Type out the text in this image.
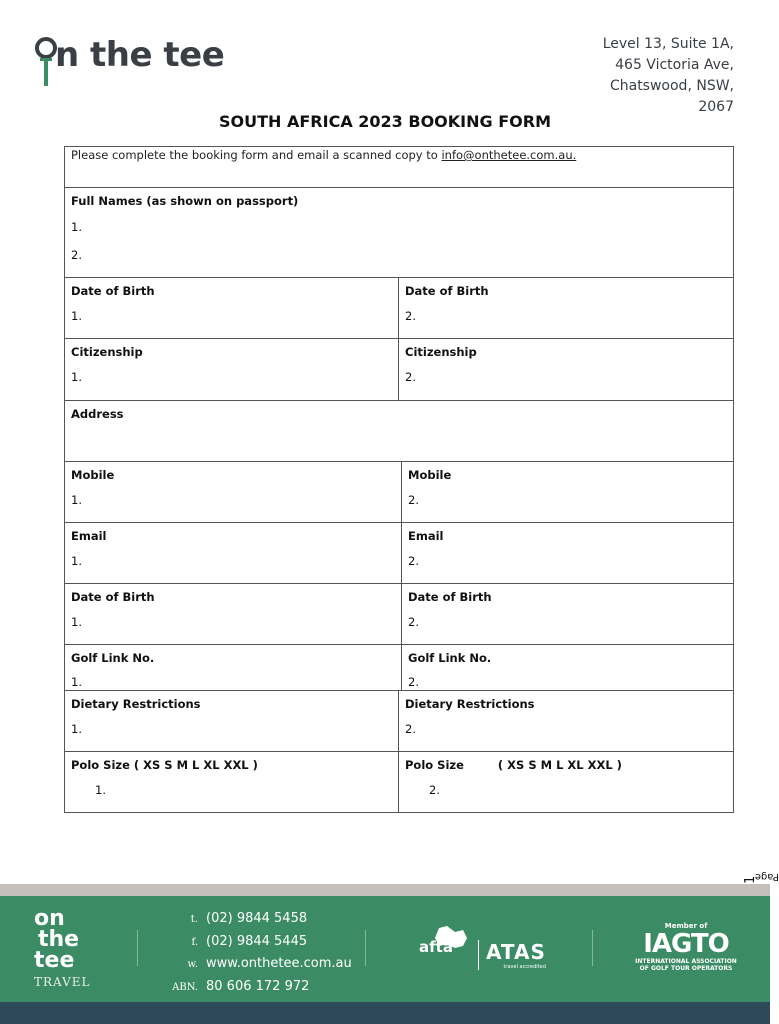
n the tee	Level 13, Suite 1A,
465 Victoria Ave,
Chatswood, NSW,
2067
SOUTH AFRICA 2023 BOOKING FORM
Please complete the booking form and email a scanned copy to info@onthetee.com.au.
Full Names (as shown on passport)
1.
2.
Date of Birth
1.
Date of Birth
2.
Citizenship
1.
Citizenship
2.
Address
Mobile
1.
Mobile
2.
Email
1.
Email
2.
Date of Birth
1.
Date of Birth
2.
Golf Link No.
1.
Golf Link No.
2.
Dietary Restrictions
1.
Dietary Restrictions
2.
Polo Size ( XS S M L XL XXL )
1.
Polo Size	( XS S M L XL XXL )
2.
Page
1
on
the
tee
TRAVEL
t. (02) 9844 5458
f. (02) 9844 5445
w. www.onthetee.com.au
ABN. 80 606 172 972
afta ATAS
travel accredited
Member of
IAGTO
INTERNATIONAL ASSOCIATION
OF GOLF TOUR OPERATORS
